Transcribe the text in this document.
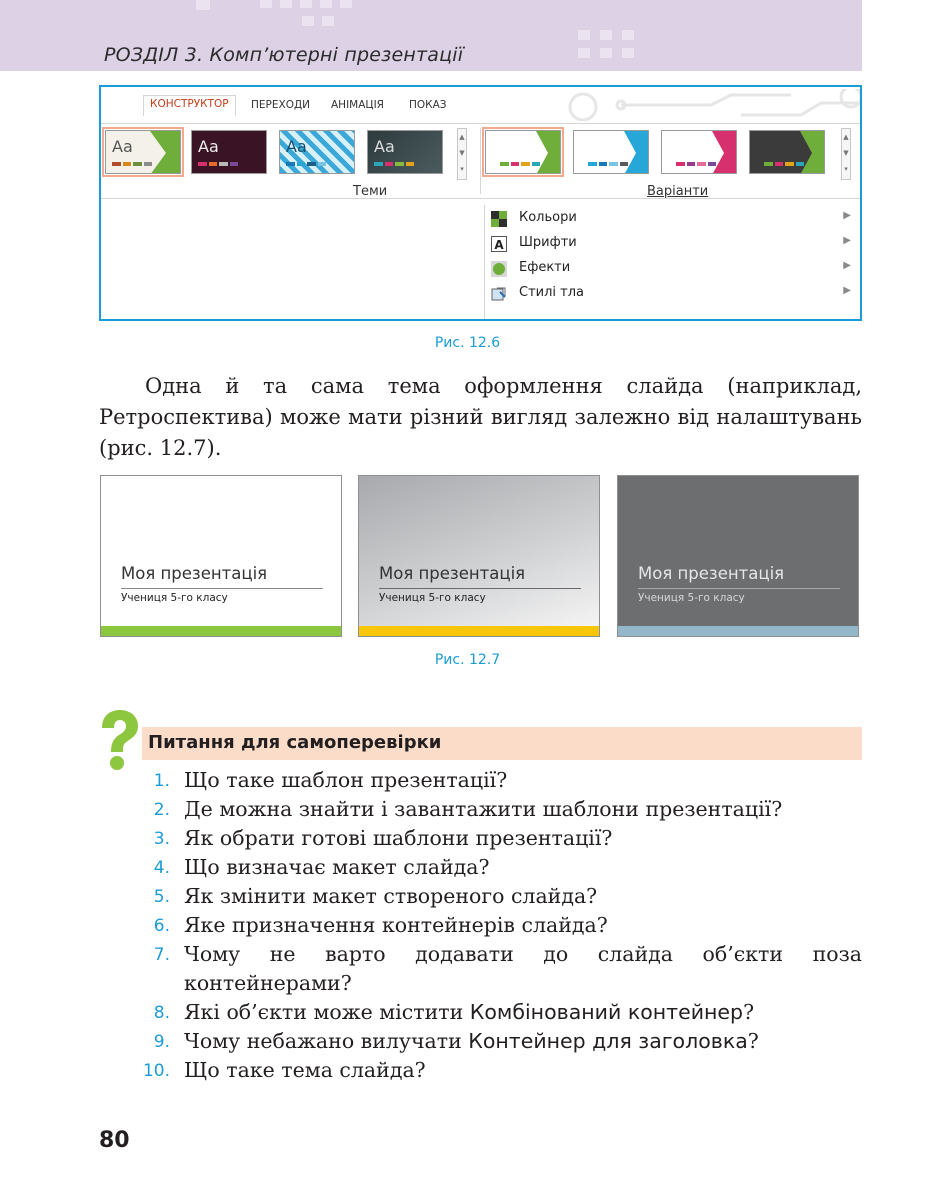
РОЗДІЛ 3. Комп’ютерні презентації
КОНСТРУКТОР	ПЕРЕХОДИ АНІМАЦІЯ ПОКАЗ
Aa	Aa	Aa	Aa	▲
▼
▾
▲
▼
▾
Теми	Варіанти
Кольори	▶
A Шрифти	▶
Ефекти	▶
Стилі тла	▶
Рис. 12.6

Одна й та сама тема оформлення слайда (наприклад, Ретроспектива) може мати різний вигляд залежно від налаштувань (рис. 12.7).

Моя презентація
Учениця 5-го класу
Моя презентація
Учениця 5-го класу
Моя презентація
Учениця 5-го класу
Рис. 12.7
Питання для самоперевірки
1. Що таке шаблон презентації?
2. Де можна знайти і завантажити шаблони презентації?
3. Як обрати готові шаблони презентації?
4. Що визначає макет слайда?
5. Як змінити макет створеного слайда?
6. Яке призначення контейнерів слайда?
7. Чому не варто додавати до слайда об’єкти поза контейнерами?
8. Які об’єкти може містити Комбінований контейнер?
9. Чому небажано вилучати Контейнер для заголовка?
10. Що таке тема слайда?
80
